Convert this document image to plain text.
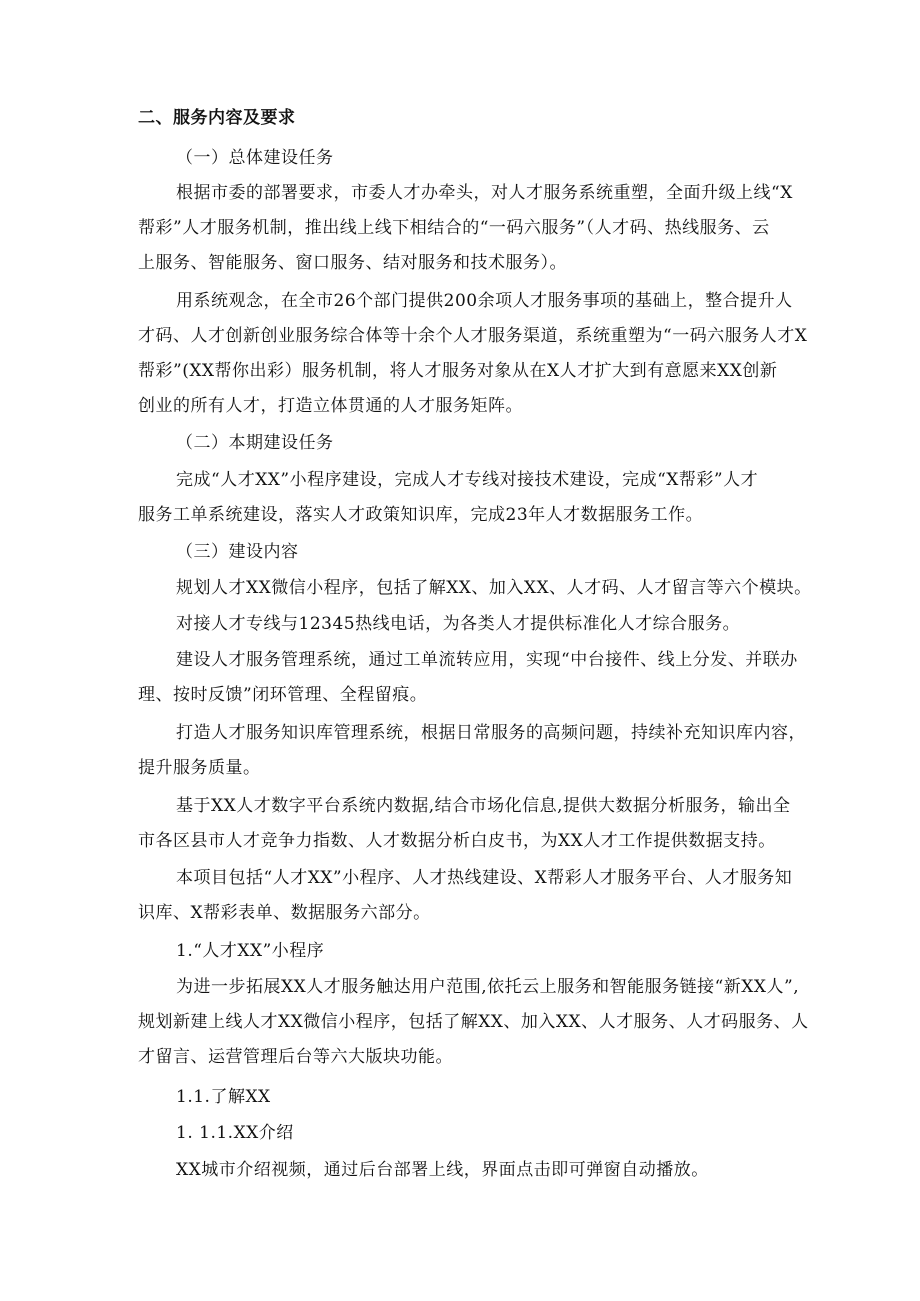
二、服务内容及要求
（一）总体建设任务
根据市委的部署要求，市委人才办牵头，对人才服务系统重塑，全面升级上线“X
帮彩”人才服务机制，推出线上线下相结合的“一码六服务”（人才码、热线服务、云
上服务、智能服务、窗口服务、结对服务和技术服务）。
用系统观念，在全市26个部门提供200余项人才服务事项的基础上，整合提升人
才码、人才创新创业服务综合体等十余个人才服务渠道，系统重塑为“一码六服务人才X
帮彩”(XX帮你出彩）服务机制，将人才服务对象从在X人才扩大到有意愿来XX创新
创业的所有人才，打造立体贯通的人才服务矩阵。
（二）本期建设任务
完成“人才XX”小程序建设，完成人才专线对接技术建设，完成“X帮彩”人才
服务工单系统建设，落实人才政策知识库，完成23年人才数据服务工作。
（三）建设内容
规划人才XX微信小程序，包括了解XX、加入XX、人才码、人才留言等六个模块。
对接人才专线与12345热线电话，为各类人才提供标准化人才综合服务。
建设人才服务管理系统，通过工单流转应用，实现“中台接件、线上分发、并联办
理、按时反馈”闭环管理、全程留痕。
打造人才服务知识库管理系统，根据日常服务的高频问题，持续补充知识库内容，
提升服务质量。
基于XX人才数字平台系统内数据,结合市场化信息,提供大数据分析服务，输出全
市各区县市人才竞争力指数、人才数据分析白皮书，为XX人才工作提供数据支持。
本项目包括“人才XX”小程序、人才热线建设、X帮彩人才服务平台、人才服务知
识库、X帮彩表单、数据服务六部分。
1.“人才XX”小程序
为进一步拓展XX人才服务触达用户范围,依托云上服务和智能服务链接“新XX人”,
规划新建上线人才XX微信小程序，包括了解XX、加入XX、人才服务、人才码服务、人
才留言、运营管理后台等六大版块功能。
1.1.了解XX
1. 1.1.XX介绍
XX城市介绍视频，通过后台部署上线，界面点击即可弹窗自动播放。
